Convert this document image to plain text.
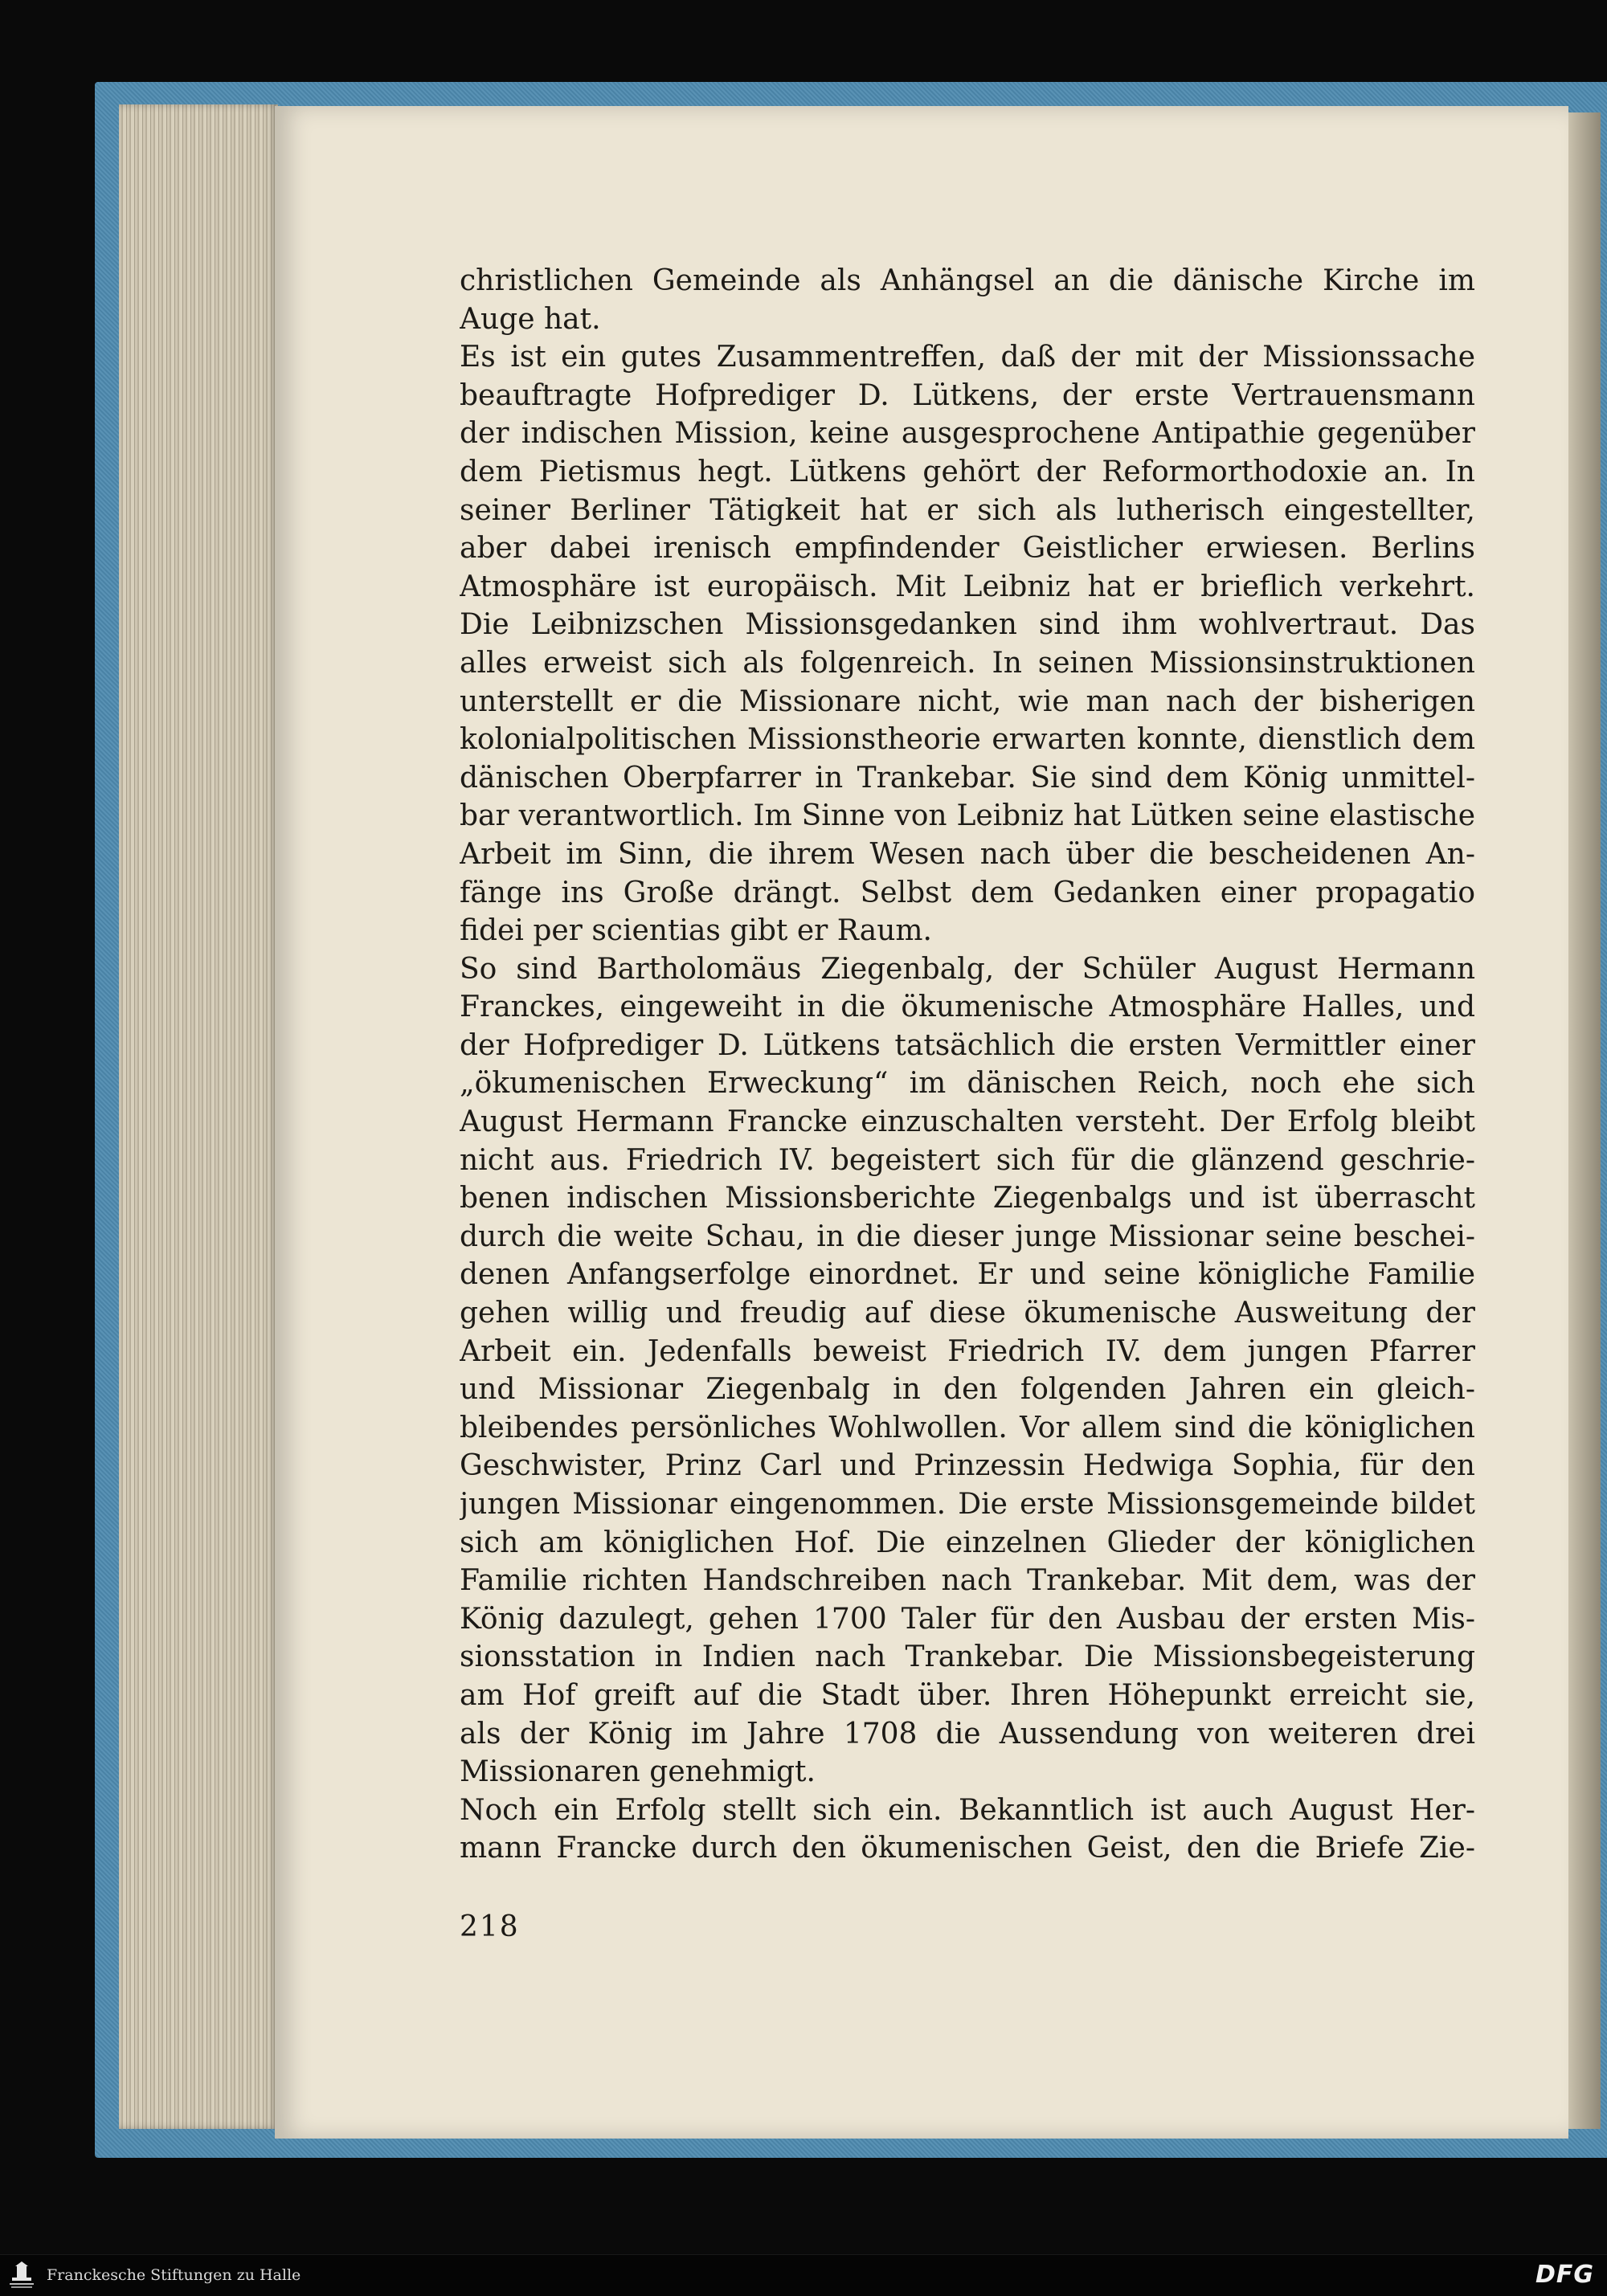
christlichen Gemeinde als Anhängsel an die dänische Kirche im
Auge hat.
Es ist ein gutes Zusammentreffen, daß der mit der Missionssache
beauftragte Hofprediger D. Lütkens, der erste Vertrauensmann
der indischen Mission, keine ausgesprochene Antipathie gegenüber
dem Pietismus hegt. Lütkens gehört der Reformorthodoxie an. In
seiner Berliner Tätigkeit hat er sich als lutherisch eingestellter,
aber dabei irenisch empfindender Geistlicher erwiesen. Berlins
Atmosphäre ist europäisch. Mit Leibniz hat er brieflich verkehrt.
Die Leibnizschen Missionsgedanken sind ihm wohlvertraut. Das
alles erweist sich als folgenreich. In seinen Missionsinstruktionen
unterstellt er die Missionare nicht, wie man nach der bisherigen
kolonialpolitischen Missionstheorie erwarten konnte, dienstlich dem
dänischen Oberpfarrer in Trankebar. Sie sind dem König unmittel-
bar verantwortlich. Im Sinne von Leibniz hat Lütken seine elastische
Arbeit im Sinn, die ihrem Wesen nach über die bescheidenen An-
fänge ins Große drängt. Selbst dem Gedanken einer propagatio
fidei per scientias gibt er Raum.
So sind Bartholomäus Ziegenbalg, der Schüler August Hermann
Franckes, eingeweiht in die ökumenische Atmosphäre Halles, und
der Hofprediger D. Lütkens tatsächlich die ersten Vermittler einer
„ökumenischen Erweckung“ im dänischen Reich, noch ehe sich
August Hermann Francke einzuschalten versteht. Der Erfolg bleibt
nicht aus. Friedrich IV. begeistert sich für die glänzend geschrie-
benen indischen Missionsberichte Ziegenbalgs und ist überrascht
durch die weite Schau, in die dieser junge Missionar seine beschei-
denen Anfangserfolge einordnet. Er und seine königliche Familie
gehen willig und freudig auf diese ökumenische Ausweitung der
Arbeit ein. Jedenfalls beweist Friedrich IV. dem jungen Pfarrer
und Missionar Ziegenbalg in den folgenden Jahren ein gleich-
bleibendes persönliches Wohlwollen. Vor allem sind die königlichen
Geschwister, Prinz Carl und Prinzessin Hedwiga Sophia, für den
jungen Missionar eingenommen. Die erste Missionsgemeinde bildet
sich am königlichen Hof. Die einzelnen Glieder der königlichen
Familie richten Handschreiben nach Trankebar. Mit dem, was der
König dazulegt, gehen 1700 Taler für den Ausbau der ersten Mis-
sionsstation in Indien nach Trankebar. Die Missionsbegeisterung
am Hof greift auf die Stadt über. Ihren Höhepunkt erreicht sie,
als der König im Jahre 1708 die Aussendung von weiteren drei
Missionaren genehmigt.
Noch ein Erfolg stellt sich ein. Bekanntlich ist auch August Her-
mann Francke durch den ökumenischen Geist, den die Briefe Zie-
218
Franckesche Stiftungen zu Halle	DFG
